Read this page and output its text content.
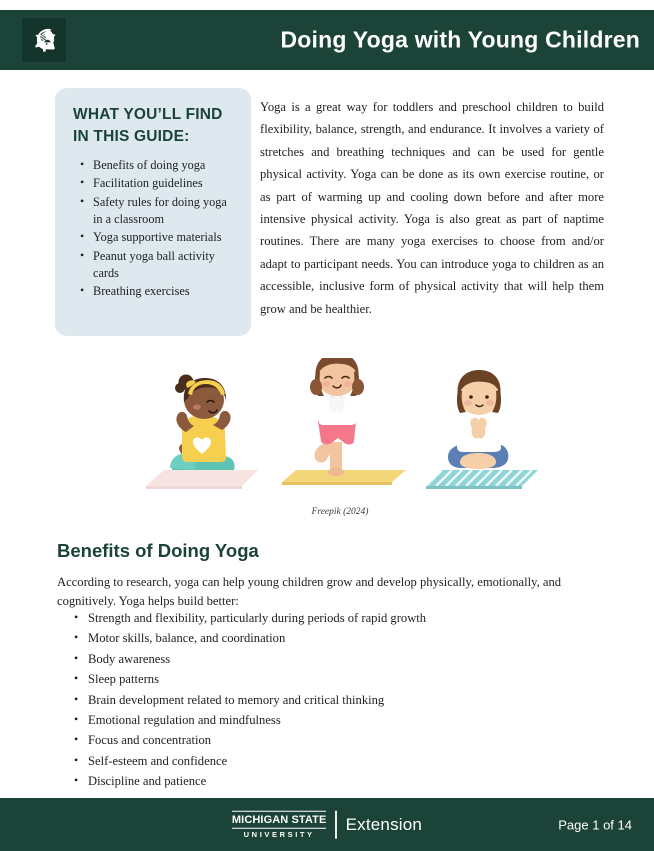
Doing Yoga with Young Children
WHAT YOU’LL FIND IN THIS GUIDE:
• Benefits of doing yoga
• Facilitation guidelines
• Safety rules for doing yoga in a classroom
• Yoga supportive materials
• Peanut yoga ball activity cards
• Breathing exercises

Yoga is a great way for toddlers and preschool children to build flexibility, balance, strength, and endurance. It involves a variety of stretches and breathing techniques and can be used for gentle physical activity. Yoga can be done as its own exercise routine, or as part of warming up and cooling down before and after more intensive physical activity. Yoga is also great as part of naptime routines. There are many yoga exercises to choose from and/or adapt to participant needs. You can introduce yoga to children as an accessible, inclusive form of physical activity that will help them grow and be healthier.

Freepik (2024)
Benefits of Doing Yoga

According to research, yoga can help young children grow and develop physically, emotionally, and cognitively. Yoga helps build better:

• Strength and flexibility, particularly during periods of rapid growth
• Motor skills, balance, and coordination
• Body awareness
• Sleep patterns
• Brain development related to memory and critical thinking
• Emotional regulation and mindfulness
• Focus and concentration
• Self-esteem and confidence
• Discipline and patience
MICHIGAN STATE
UNIVERSITY
Extension	Page 1 of 14
